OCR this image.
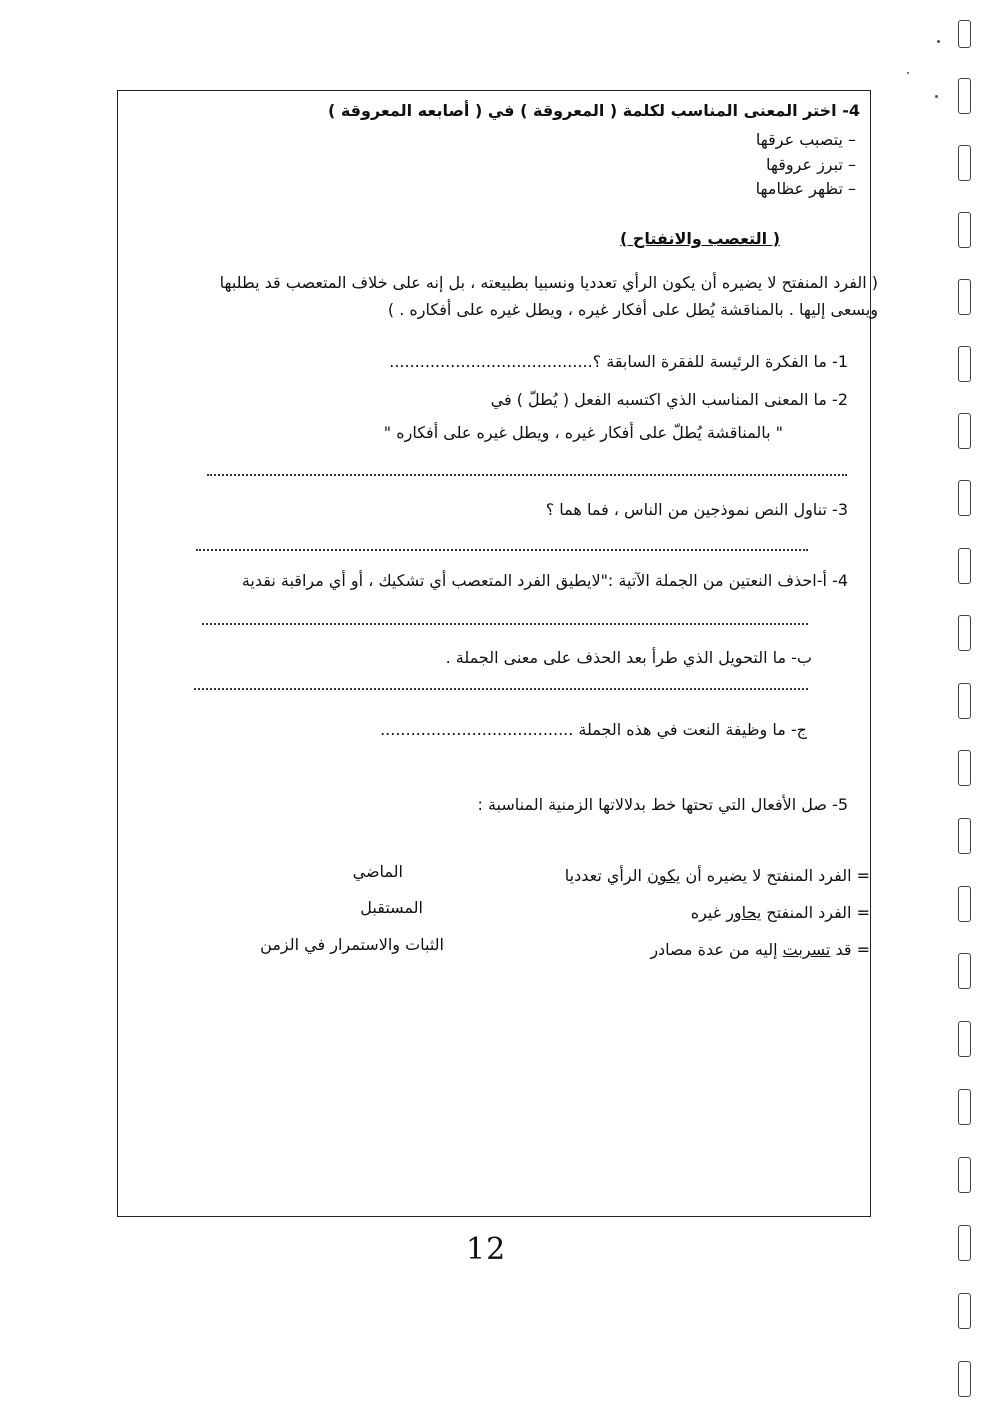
4- اختر المعنى المناسب لكلمة ( المعروقة ) في ( أصابعه المعروقة )
– يتصبب عرقها
– تبرز عروقها
– تظهر عظامها
( التعصب والانفتاح )
( الفرد المنفتح لا يضيره أن يكون الرأي تعدديا ونسبيا بطبيعته ، بل إنه على خلاف المتعصب قد يطلبها
ويسعى إليها . بالمناقشة يُطل على أفكار غيره ، ويطل غيره على أفكاره . )
1- ما الفكرة الرئيسة للفقرة السابقة ؟........................................
2- ما المعنى المناسب الذي اكتسبه الفعل ( يُطلّ ) في
" بالمناقشة يُطلّ على أفكار غيره ، ويطل غيره على أفكاره "
3- تناول النص نموذجين من الناس ، فما هما ؟
4- أ-احذف النعتين من الجملة الآتية :"لايطيق الفرد المتعصب أي تشكيك ، أو أي مراقبة نقدية
ب- ما التحويل الذي طرأ بعد الحذف على معنى الجملة .
ج- ما وظيفة النعت في هذه الجملة ......................................
5- صل الأفعال التي تحتها خط بدلالاتها الزمنية المناسبة :
= الفرد المنفتح لا يضيره أن يكون الرأي تعدديا
= الفرد المنفتح يحاور غيره
= قد تسربت إليه من عدة مصادر
الماضي
المستقبل
الثبات والاستمرار في الزمن
12
